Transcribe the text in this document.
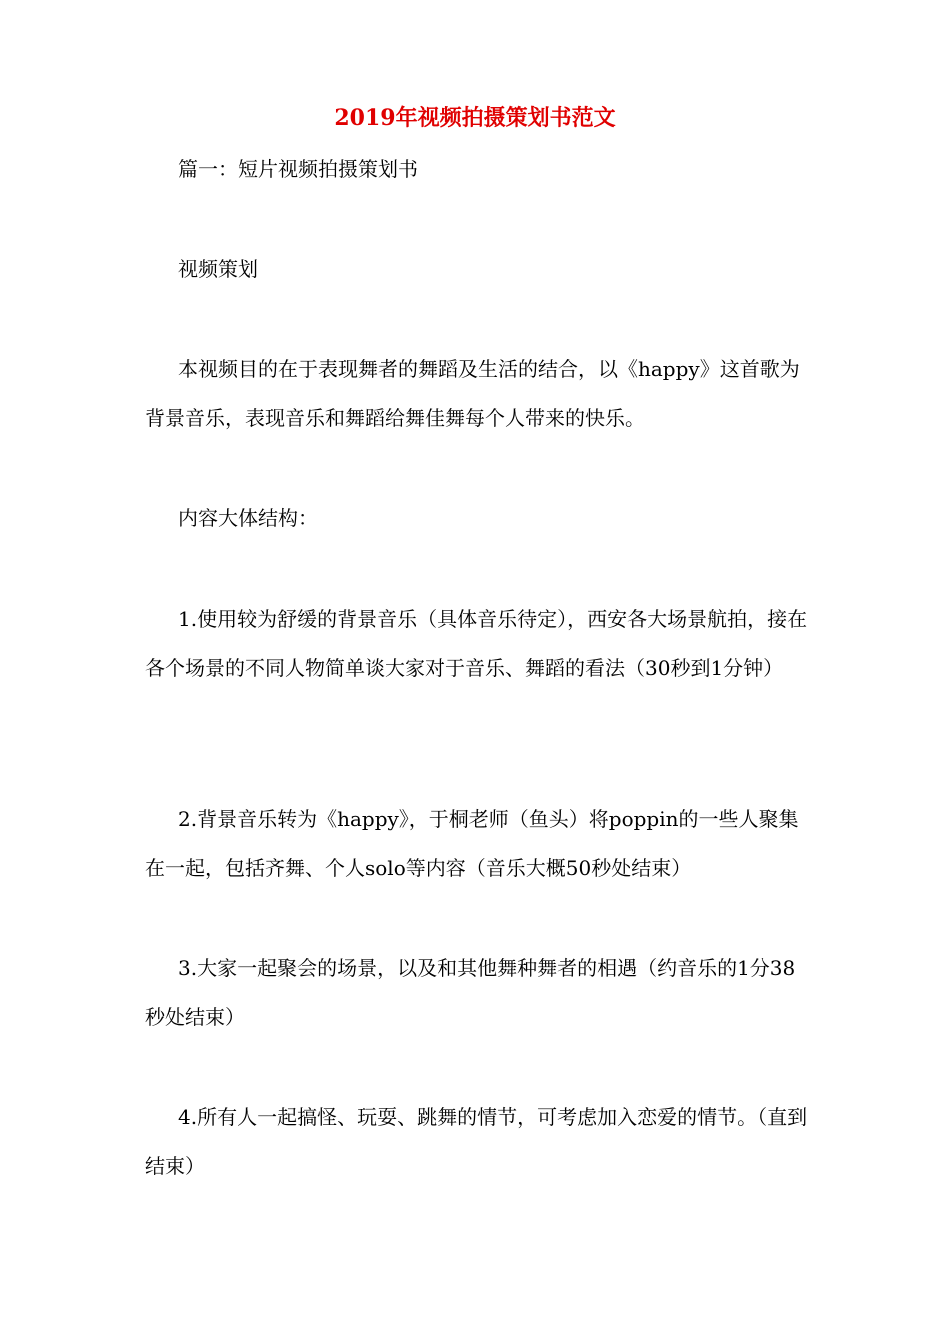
2019年视频拍摄策划书范文
篇一：短片视频拍摄策划书
视频策划
本视频目的在于表现舞者的舞蹈及生活的结合，以《happy》这首歌为背景音乐，表现音乐和舞蹈给舞佳舞每个人带来的快乐。
内容大体结构：
1.使用较为舒缓的背景音乐（具体音乐待定），西安各大场景航拍，接在各个场景的不同人物简单谈大家对于音乐、舞蹈的看法（30秒到1分钟）
2.背景音乐转为《happy》，于桐老师（鱼头）将poppin的一些人聚集在一起，包括齐舞、个人solo等内容（音乐大概50秒处结束）
3.大家一起聚会的场景，以及和其他舞种舞者的相遇（约音乐的1分38秒处结束）
4.所有人一起搞怪、玩耍、跳舞的情节，可考虑加入恋爱的情节。（直到结束）
